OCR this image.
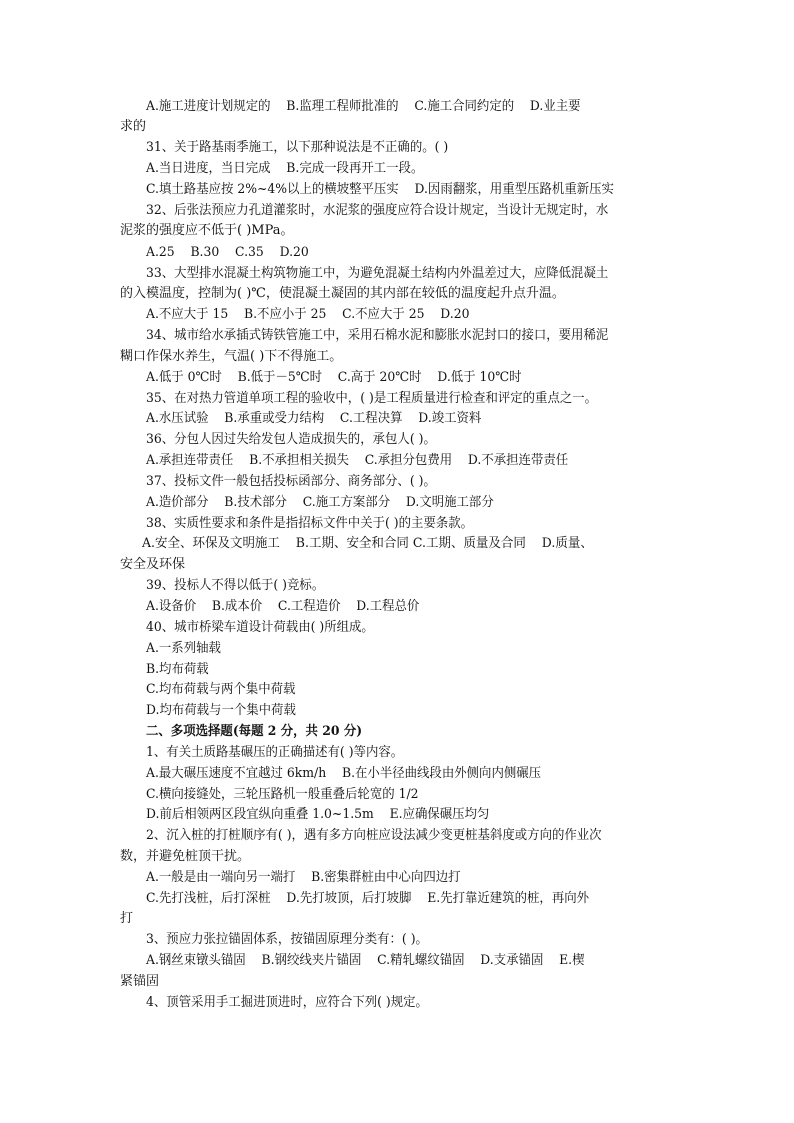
A.施工进度计划规定的    B.监理工程师批准的    C.施工合同约定的    D.业主要
求的
31、关于路基雨季施工，以下那种说法是不正确的。( )
A.当日进度，当日完成    B.完成一段再开工一段。
C.填土路基应按 2%~4%以上的横坡整平压实    D.因雨翻浆，用重型压路机重新压实
32、后张法预应力孔道灌浆时，水泥浆的强度应符合设计规定，当设计无规定时，水
泥浆的强度应不低于( )MPa。
A.25    B.30    C.35    D.20
33、大型排水混凝土构筑物施工中，为避免混凝土结构内外温差过大，应降低混凝土
的入模温度，控制为( )℃，使混凝土凝固的其内部在较低的温度起升点升温。
A.不应大于 15    B.不应小于 25    C.不应大于 25    D.20
34、城市给水承插式铸铁管施工中，采用石棉水泥和膨胀水泥封口的接口，要用稀泥
糊口作保水养生，气温( )下不得施工。
A.低于 0℃时    B.低于－5℃时    C.高于 20℃时    D.低于 10℃时
35、在对热力管道单项工程的验收中，( )是工程质量进行检查和评定的重点之一。
A.水压试验    B.承重或受力结构    C.工程决算    D.竣工资料
36、分包人因过失给发包人造成损失的，承包人( )。
A.承担连带责任    B.不承担相关损失    C.承担分包费用    D.不承担连带责任
37、投标文件一般包括投标函部分、商务部分、( )。
A.造价部分    B.技术部分    C.施工方案部分    D.文明施工部分
38、实质性要求和条件是指招标文件中关于( )的主要条款。
A.安全、环保及文明施工    B.工期、安全和合同 C.工期、质量及合同    D.质量、
安全及环保
39、投标人不得以低于( )竞标。
A.设备价    B.成本价    C.工程造价    D.工程总价
40、城市桥梁车道设计荷载由( )所组成。
A.一系列轴载
B.均布荷载
C.均布荷载与两个集中荷载
D.均布荷载与一个集中荷载
二、多项选择题(每题 2 分，共 20 分)
1、有关土质路基碾压的正确描述有( )等内容。
A.最大碾压速度不宜越过 6km/h    B.在小半径曲线段由外侧向内侧碾压
C.横向接缝处，三轮压路机一般重叠后轮宽的 1/2
D.前后相领两区段宜纵向重叠 1.0~1.5m    E.应确保碾压均匀
2、沉入桩的打桩顺序有( )，遇有多方向桩应设法减少变更桩基斜度或方向的作业次
数，并避免桩顶干扰。
A.一般是由一端向另一端打    B.密集群桩由中心向四边打
C.先打浅桩，后打深桩    D.先打坡顶，后打坡脚    E.先打靠近建筑的桩，再向外
打
3、预应力张拉锚固体系，按锚固原理分类有：( )。
A.钢丝束镦头锚固    B.钢绞线夹片锚固    C.精轧螺纹锚固    D.支承锚固    E.楔
紧锚固
4、顶管采用手工掘进顶进时，应符合下列( )规定。
